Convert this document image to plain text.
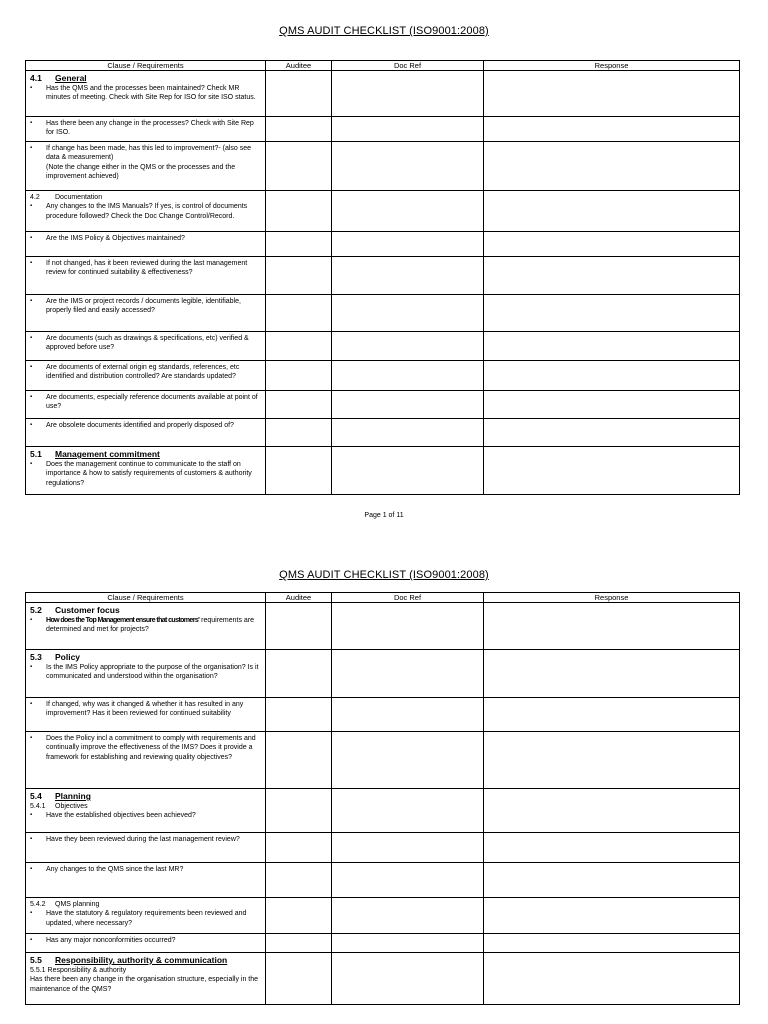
QMS AUDIT CHECKLIST (ISO9001:2008)
Clause / Requirements	Auditee	Doc Ref	Response

4.1 General
▪ Has the QMS and the processes been maintained? Check MR minutes of meeting. Check with Site Rep for ISO for site ISO status.			

▪ Has there been any change in the processes? Check with Site Rep for ISO.			

▪ If change has been made, has this led to improvement?- (also see data & measurement)
(Note the change either in the QMS or the processes and the improvement achieved)			

4.2 Documentation
▪ Any changes to the IMS Manuals? If yes, is control of documents procedure followed? Check the Doc Change Control/Record.			

▪ Are the IMS Policy & Objectives maintained?			

▪ If not changed, has it been reviewed during the last management review for continued suitability & effectiveness?			

▪ Are the IMS or project records / documents legible, identifiable, properly filed and easily accessed?			

▪ Are documents (such as drawings & specifications, etc) verified & approved before use?			

▪ Are documents of external origin eg standards, references, etc identified and distribution controlled? Are standards updated?			

▪ Are documents, especially reference documents available at point of use?			

▪ Are obsolete documents identified and properly disposed of?			

5.1 Management commitment
▪ Does the management continue to communicate to the staff on importance & how to satisfy requirements of customers & authority regulations?			

Page 1 of 11
QMS AUDIT CHECKLIST (ISO9001:2008)
Clause / Requirements	Auditee	Doc Ref	Response

5.2 Customer focus
▪ How does the Top Management ensure that customers' requirements are determined and met for projects?			

5.3 Policy
▪ Is the IMS Policy appropriate to the purpose of the organisation? Is it communicated and understood within the organisation?			

▪ If changed, why was it changed & whether it has resulted in any improvement? Has it been reviewed for continued suitability			

▪ Does the Policy incl a commitment to comply with requirements and continually improve the effectiveness of the IMS? Does it provide a framework for establishing and reviewing quality objectives?			

5.4 Planning
5.4.1 Objectives
▪ Have the established objectives been achieved?			

▪ Have they been reviewed during the last management review?			

▪ Any changes to the QMS since the last MR?			

5.4.2 QMS planning
▪ Have the statutory & regulatory requirements been reviewed and updated, where necessary?			

▪ Has any major nonconformities occurred?			

5.5 Responsibility, authority & communication
5.5.1 Responsibility & authority
Has there been any change in the organisation structure, especially in the maintenance of the QMS?			
